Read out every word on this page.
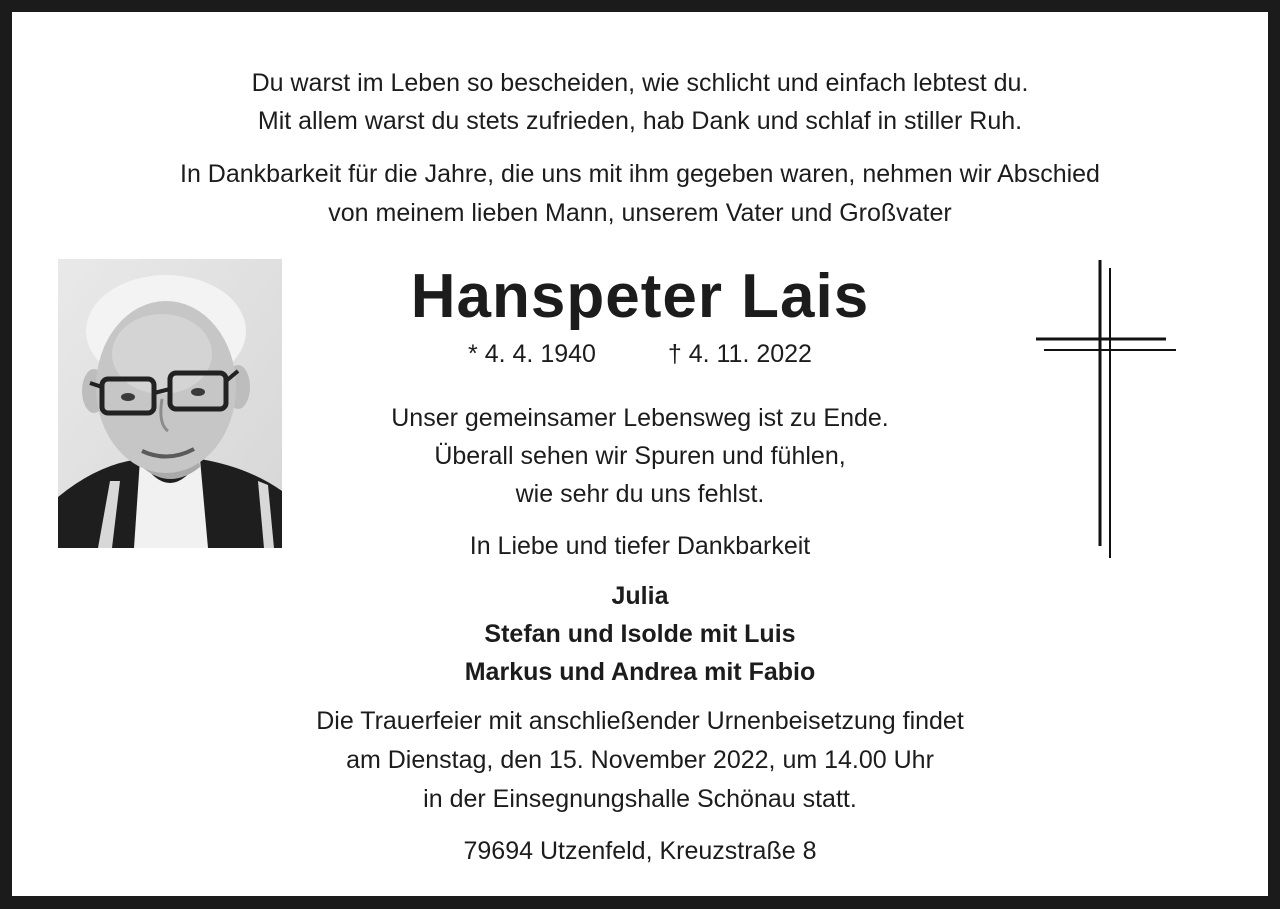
Du warst im Leben so bescheiden, wie schlicht und einfach lebtest du.
Mit allem warst du stets zufrieden, hab Dank und schlaf in stiller Ruh.
In Dankbarkeit für die Jahre, die uns mit ihm gegeben waren, nehmen wir Abschied
von meinem lieben Mann, unserem Vater und Großvater
Hanspeter Lais
* 4. 4. 1940	† 4. 11. 2022
Unser gemeinsamer Lebensweg ist zu Ende.
Überall sehen wir Spuren und fühlen,
wie sehr du uns fehlst.
In Liebe und tiefer Dankbarkeit
Julia
Stefan und Isolde mit Luis
Markus und Andrea mit Fabio
Die Trauerfeier mit anschließender Urnenbeisetzung findet
am Dienstag, den 15. November 2022, um 14.00 Uhr
in der Einsegnungshalle Schönau statt.
79694 Utzenfeld, Kreuzstraße 8
